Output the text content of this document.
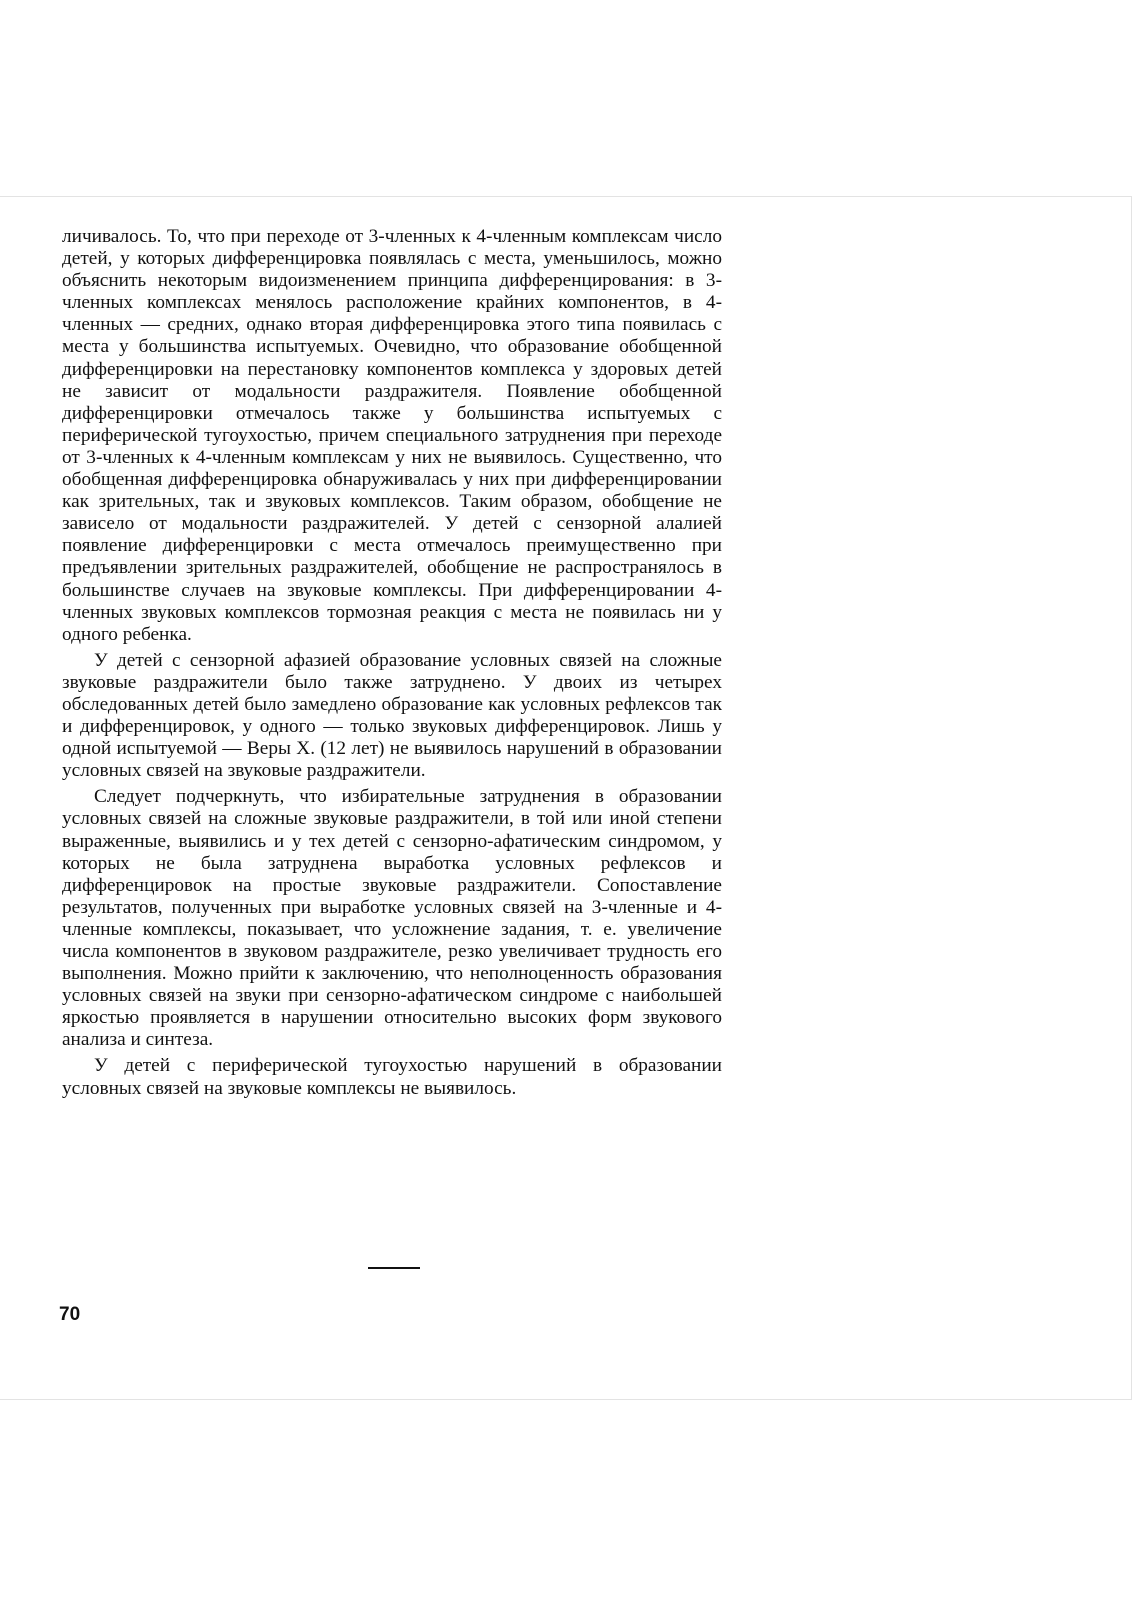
личивалось. То, что при переходе от 3-членных к 4-членным комплексам число детей, у которых дифференцировка появлялась с места, уменьшилось, можно объяснить некоторым видоизменением принципа дифференцирования: в 3-членных комплексах менялось расположение крайних компонентов, в 4-членных — средних, однако вторая дифференцировка этого типа появилась с места у большинства испытуемых. Очевидно, что образование обобщенной дифференцировки на перестановку компонентов комплекса у здоровых детей не зависит от модальности раздражителя. Появление обобщенной дифференцировки отмечалось также у большинства испытуемых с периферической тугоухостью, причем специального затруднения при переходе от 3-членных к 4-членным комплексам у них не выявилось. Существенно, что обобщенная дифференцировка обнаруживалась у них при дифференцировании как зрительных, так и звуковых комплексов. Таким образом, обобщение не зависело от модальности раздражителей. У детей с сензорной алалией появление дифференцировки с места отмечалось преимущественно при предъявлении зрительных раздражителей, обобщение не распространялось в большинстве случаев на звуковые комплексы. При дифференцировании 4-членных звуковых комплексов тормозная реакция с места не появилась ни у одного ребенка.

У детей с сензорной афазией образование условных связей на сложные звуковые раздражители было также затруднено. У двоих из четырех обследованных детей было замедлено образование как условных рефлексов так и дифференцировок, у одного — только звуковых дифференцировок. Лишь у одной испытуемой — Веры X. (12 лет) не выявилось нарушений в образовании условных связей на звуковые раздражители.

Следует подчеркнуть, что избирательные затруднения в образовании условных связей на сложные звуковые раздражители, в той или иной степени выраженные, выявились и у тех детей с сензорно-афатическим синдромом, у которых не была затруднена выработка условных рефлексов и дифференцировок на простые звуковые раздражители. Сопоставление результатов, полученных при выработке условных связей на 3-членные и 4-членные комплексы, показывает, что усложнение задания, т. е. увеличение числа компонентов в звуковом раздражителе, резко увеличивает трудность его выполнения. Можно прийти к заключению, что неполноценность образования условных связей на звуки при сензорно-афатическом синдроме с наибольшей яркостью проявляется в нарушении относительно высоких форм звукового анализа и синтеза.

У детей с периферической тугоухостью нарушений в образовании условных связей на звуковые комплексы не выявилось.

70
